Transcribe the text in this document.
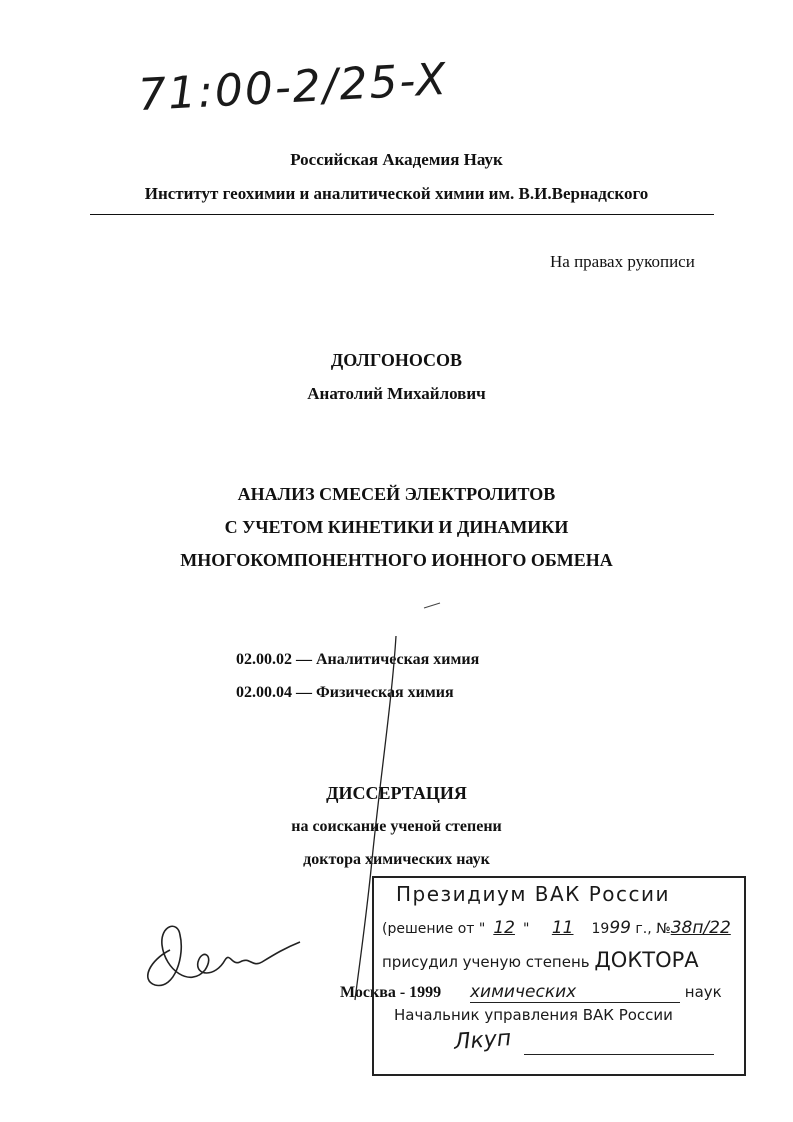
71:00-2/25-X
Российская Академия Наук
Институт геохимии и аналитической химии им. В.И.Вернадского
На правах рукописи
ДОЛГОНОСОВ
Анатолий Михайлович
АНАЛИЗ СМЕСЕЙ ЭЛЕКТРОЛИТОВ
С УЧЕТОМ КИНЕТИКИ И ДИНАМИКИ
МНОГОКОМПОНЕНТНОГО ИОННОГО ОБМЕНА
02.00.02 — Аналитическая химия
02.00.04 — Физическая химия
ДИССЕРТАЦИЯ
на соискание ученой степени
доктора химических наук
Москва - 1999
Президиум ВАК России
(решение от " 12 " 11 1999 г., №38п/22
присудил ученую степень ДОКТОРА
химических	наук
Начальник управления ВАК России
Лкуп
